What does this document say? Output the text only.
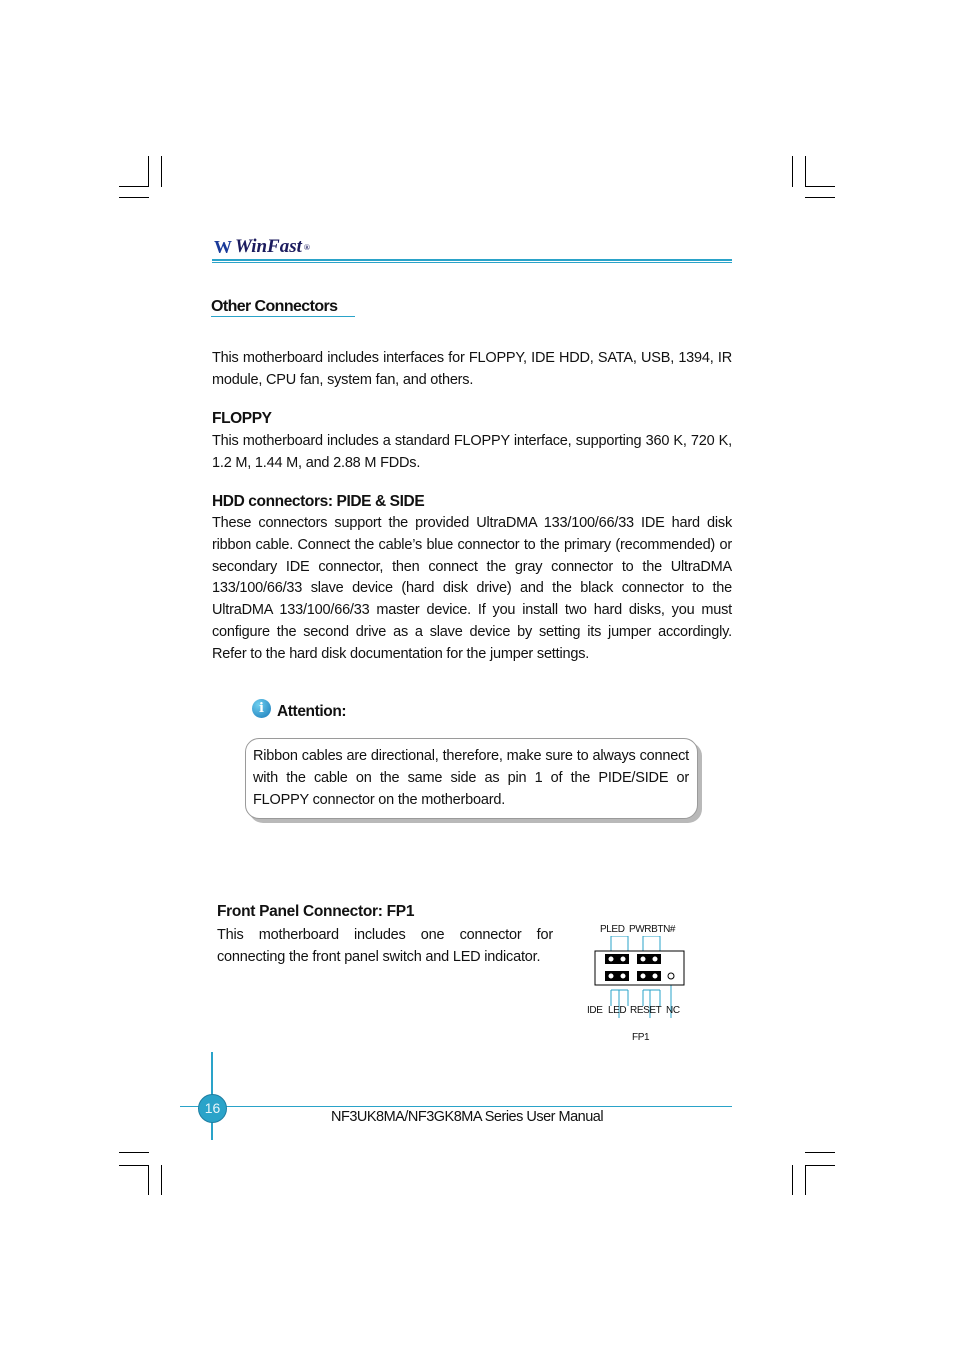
W WinFast ®
Other Connectors
This motherboard includes interfaces for FLOPPY, IDE HDD, SATA, USB, 1394, IR module, CPU fan, system fan, and others.
FLOPPY
This motherboard includes a standard FLOPPY interface, supporting 360 K, 720 K, 1.2 M, 1.44 M, and 2.88 M FDDs.
HDD connectors: PIDE & SIDE
These connectors support the provided UltraDMA 133/100/66/33 IDE hard disk ribbon cable. Connect the cable’s blue connector to the primary (recommended) or secondary IDE connector, then connect the gray connector to the UltraDMA 133/100/66/33 slave device (hard disk drive) and the black connector to the UltraDMA 133/100/66/33 master device. If you install two hard disks, you must configure the second drive as a slave device by setting its jumper accordingly. Refer to the hard disk documentation for the jumper settings.
i Attention:
Ribbon cables are directional, therefore, make sure to always connect with the cable on the same side as pin 1 of the PIDE/SIDE or FLOPPY connector on the motherboard.
Front Panel Connector: FP1
This motherboard includes one connector for connecting the front panel switch and LED indicator.
PLED PWRBTN#
IDE LED RESET NC
FP1
16
NF3UK8MA/NF3GK8MA Series User Manual
